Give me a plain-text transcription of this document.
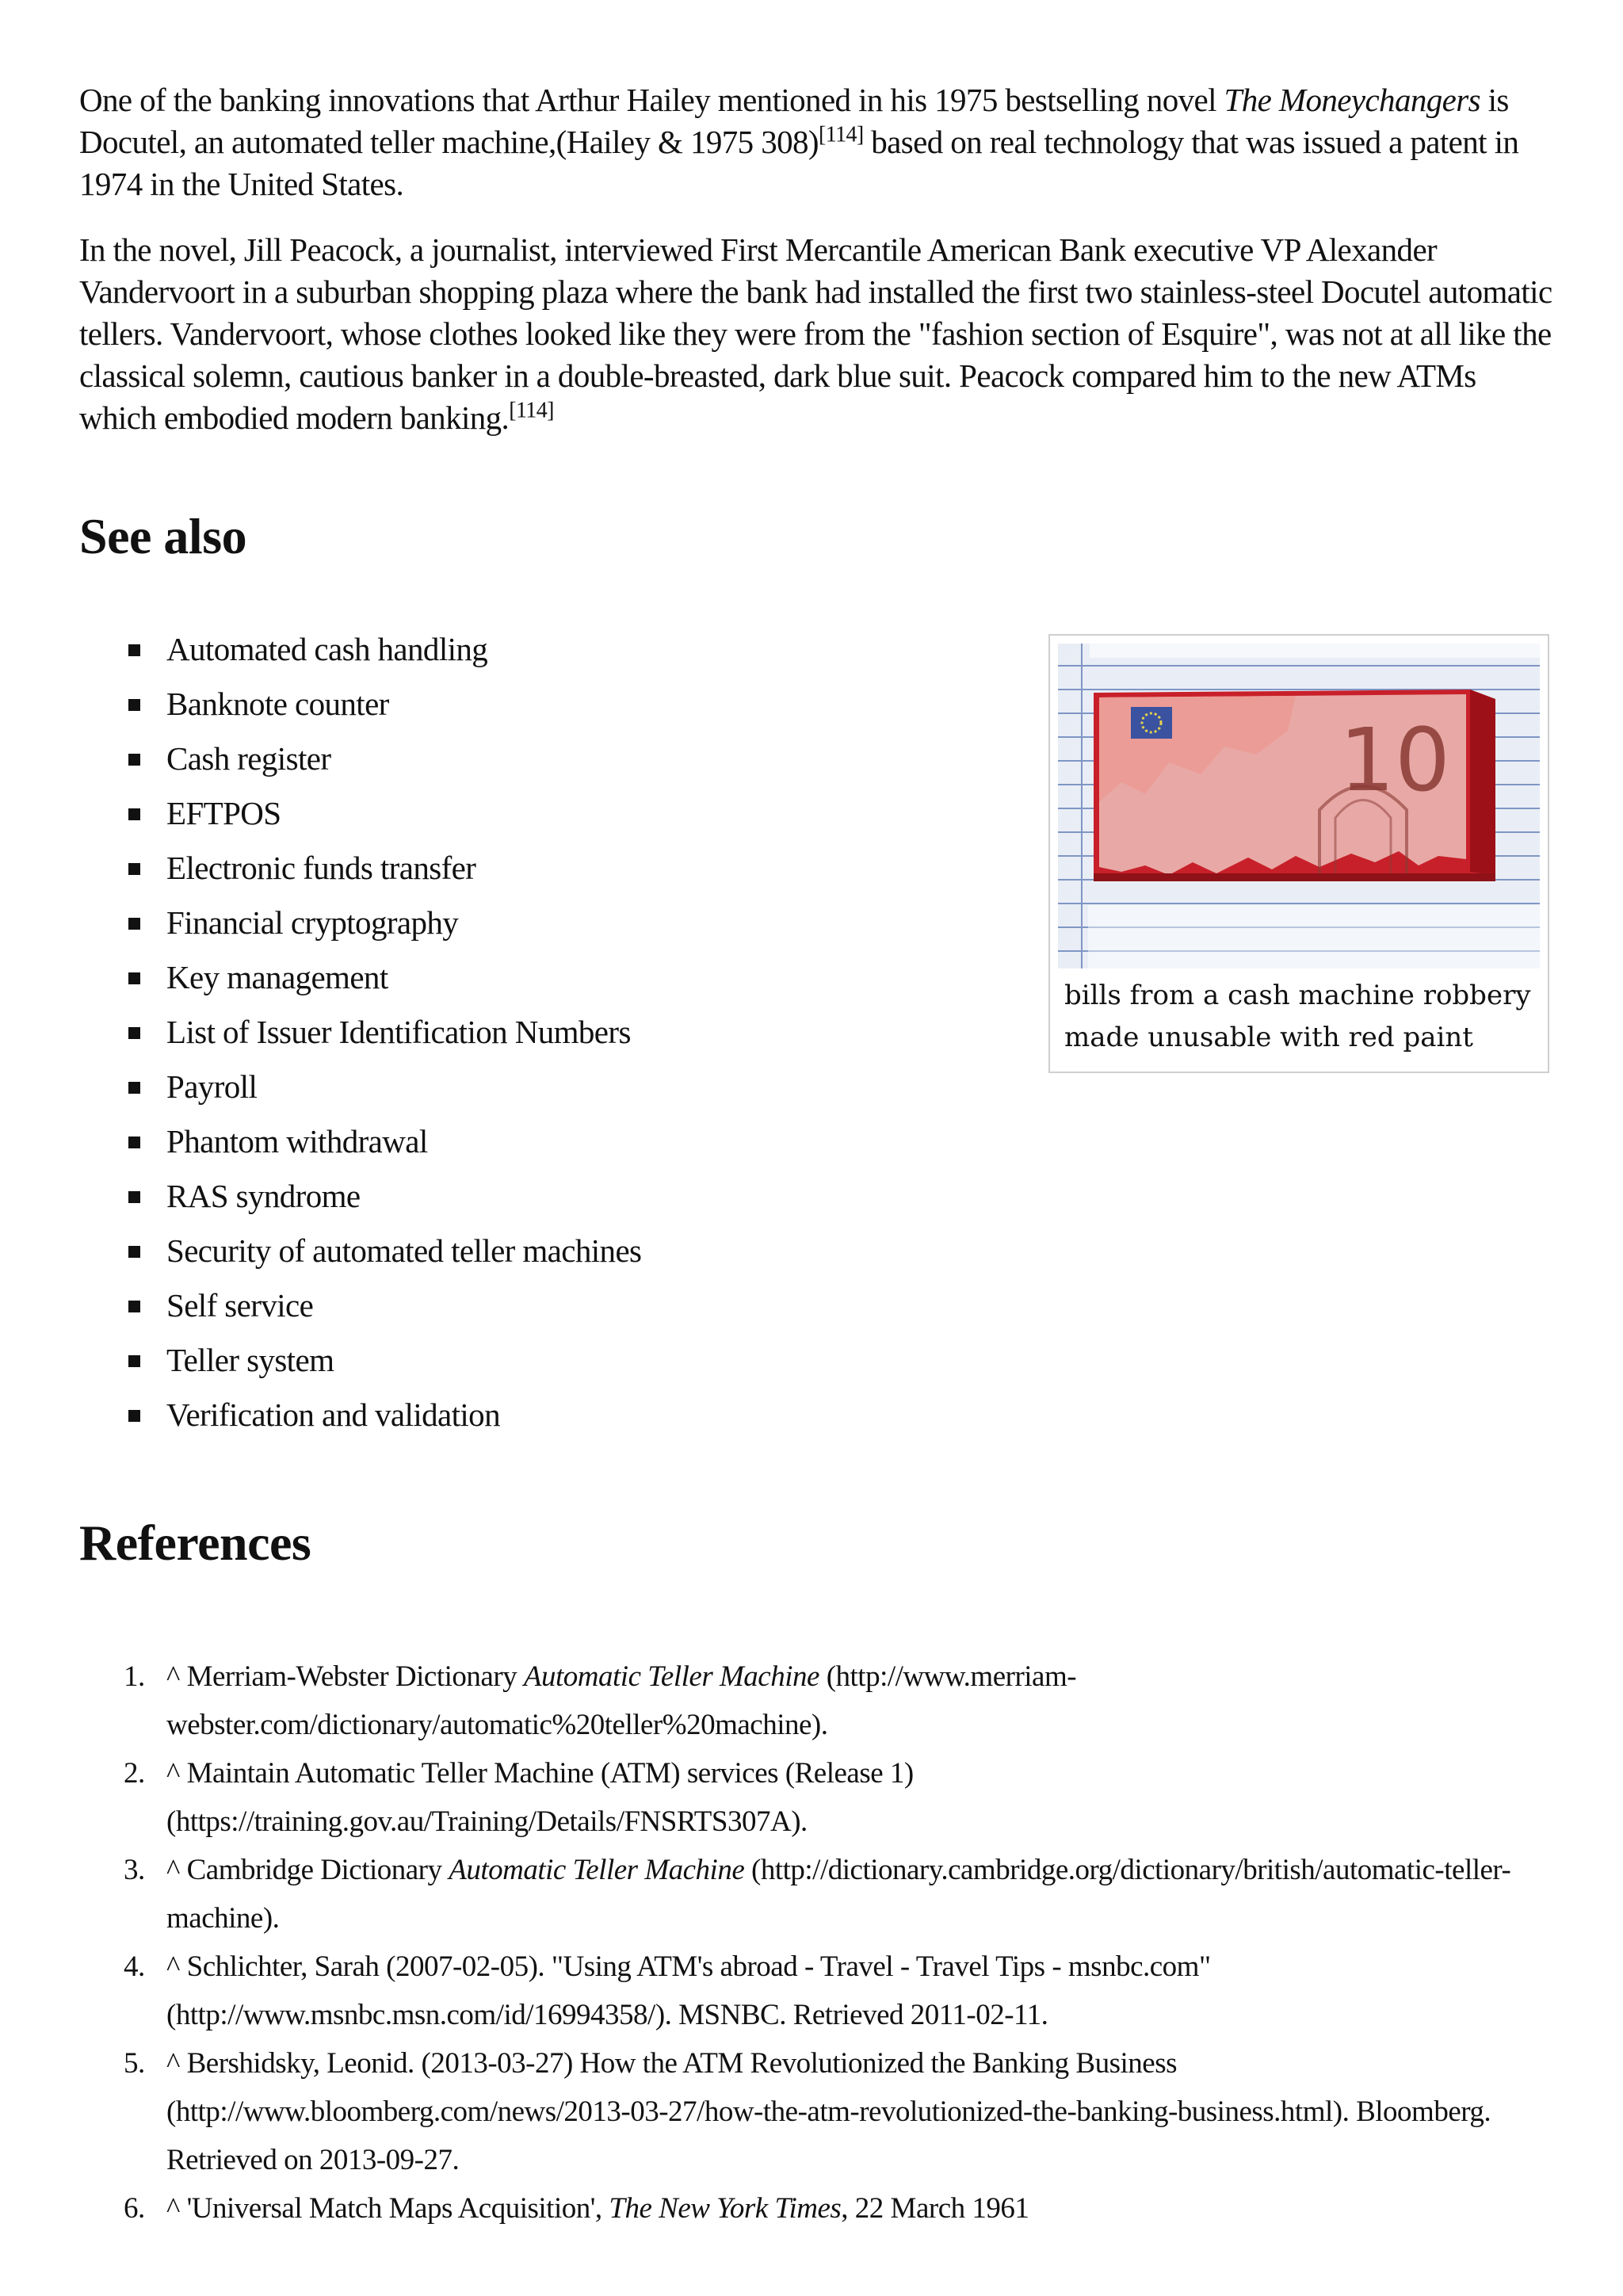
One of the banking innovations that Arthur Hailey mentioned in his 1975 bestselling novel The Moneychangers is Docutel, an automated teller machine,(Hailey & 1975 308)[114] based on real technology that was issued a patent in 1974 in the United States.

In the novel, Jill Peacock, a journalist, interviewed First Mercantile American Bank executive VP Alexander Vandervoort in a suburban shopping plaza where the bank had installed the first two stainless-steel Docutel automatic tellers. Vandervoort, whose clothes looked like they were from the "fashion section of Esquire", was not at all like the classical solemn, cautious banker in a double-breasted, dark blue suit. Peacock compared him to the new ATMs which embodied modern banking.[114]

See also
Automated cash handling
Banknote counter
Cash register
EFTPOS
Electronic funds transfer
Financial cryptography
Key management
List of Issuer Identification Numbers
Payroll
Phantom withdrawal
RAS syndrome
Security of automated teller machines
Self service
Teller system
Verification and validation
10
bills from a cash machine robbery made unusable with red paint
References
1. ^ Merriam-Webster Dictionary Automatic Teller Machine (http://www.merriam-webster.com/dictionary/automatic%20teller%20machine).
2. ^ Maintain Automatic Teller Machine (ATM) services (Release 1) (https://training.gov.au/Training/Details/FNSRTS307A).
3. ^ Cambridge Dictionary Automatic Teller Machine (http://dictionary.cambridge.org/dictionary/british/automatic-teller-machine).
4. ^ Schlichter, Sarah (2007-02-05). "Using ATM's abroad - Travel - Travel Tips - msnbc.com" (http://www.msnbc.msn.com/id/16994358/). MSNBC. Retrieved 2011-02-11.
5. ^ Bershidsky, Leonid. (2013-03-27) How the ATM Revolutionized the Banking Business (http://www.bloomberg.com/news/2013-03-27/how-the-atm-revolutionized-the-banking-business.html). Bloomberg. Retrieved on 2013-09-27.
6. ^ 'Universal Match Maps Acquisition', The New York Times, 22 March 1961
